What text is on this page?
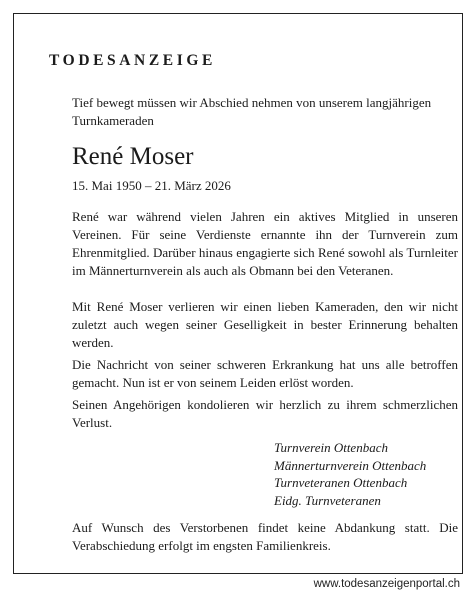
TODESANZEIGE

Tief bewegt müssen wir Abschied nehmen von unserem langjährigen Turnkameraden

René Moser

15. Mai 1950 – 21. März 2026

René war während vielen Jahren ein aktives Mitglied in unseren Vereinen. Für seine Verdienste ernannte ihn der Turnverein zum Ehrenmitglied. Darüber hinaus engagierte sich René sowohl als Turnleiter im Männerturnverein als auch als Obmann bei den Veteranen.

Mit René Moser verlieren wir einen lieben Kameraden, den wir nicht zuletzt auch wegen seiner Geselligkeit in bester Erinnerung behalten werden.

Die Nachricht von seiner schweren Erkrankung hat uns alle betroffen gemacht. Nun ist er von seinem Leiden erlöst worden.

Seinen Angehörigen kondolieren wir herzlich zu ihrem schmerzlichen Verlust.

Turnverein Ottenbach
Männerturnverein Ottenbach
Turnveteranen Ottenbach
Eidg. Turnveteranen

Auf Wunsch des Verstorbenen findet keine Abdankung statt. Die Verabschiedung erfolgt im engsten Familienkreis.

www.todesanzeigenportal.ch
